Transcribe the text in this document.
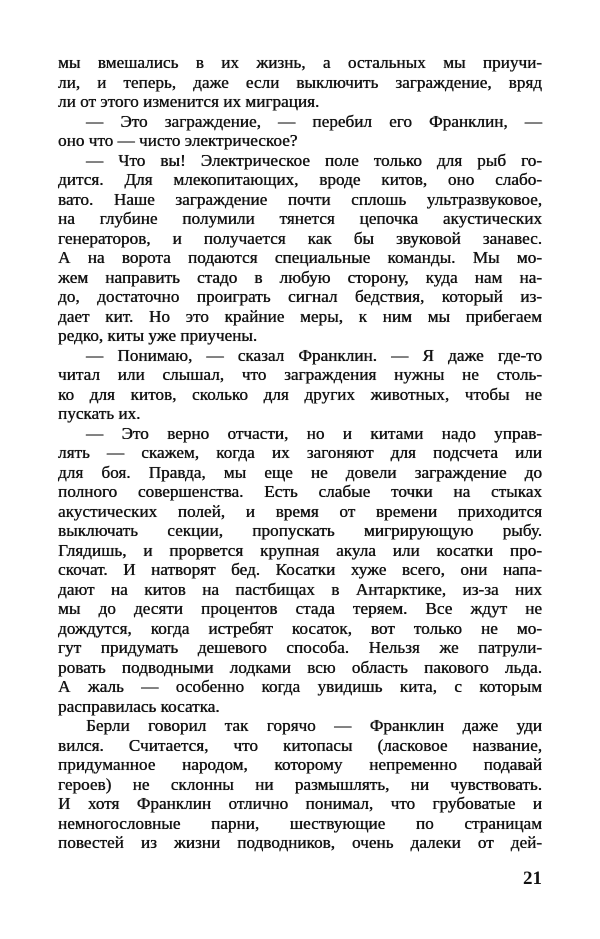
мы вмешались в их жизнь, а остальных мы приучи-
ли, и теперь, даже если выключить заграждение, вряд
ли от этого изменится их миграция.
— Это заграждение, — перебил его Франклин, —
оно что — чисто электрическое?
— Что вы! Электрическое поле только для рыб го-
дится. Для млекопитающих, вроде китов, оно слабо-
вато. Наше заграждение почти сплошь ультразвуковое,
на глубине полумили тянется цепочка акустических
генераторов, и получается как бы звуковой занавес.
А на ворота подаются специальные команды. Мы мо-
жем направить стадо в любую сторону, куда нам на-
до, достаточно проиграть сигнал бедствия, который из-
дает кит. Но это крайние меры, к ним мы прибегаем
редко, киты уже приучены.
— Понимаю, — сказал Франклин. — Я даже где-то
читал или слышал, что заграждения нужны не столь-
ко для китов, сколько для других животных, чтобы не
пускать их.
— Это верно отчасти, но и китами надо управ-
лять — скажем, когда их загоняют для подсчета или
для боя. Правда, мы еще не довели заграждение до
полного совершенства. Есть слабые точки на стыках
акустических полей, и время от времени приходится
выключать секции, пропускать мигрирующую рыбу.
Глядишь, и прорвется крупная акула или косатки про-
скочат. И натворят бед. Косатки хуже всего, они напа-
дают на китов на пастбищах в Антарктике, из-за них
мы до десяти процентов стада теряем. Все ждут не
дождутся, когда истребят косаток, вот только не мо-
гут придумать дешевого способа. Нельзя же патрули-
ровать подводными лодками всю область пакового льда.
А жаль — особенно когда увидишь кита, с которым
расправилась косатка.
Берли говорил так горячо — Франклин даже уди
вился. Считается, что китопасы (ласковое название,
придуманное народом, которому непременно подавай
героев) не склонны ни размышлять, ни чувствовать.
И хотя Франклин отлично понимал, что грубоватые и
немногословные парни, шествующие по страницам
повестей из жизни подводников, очень далеки от дей-
21
